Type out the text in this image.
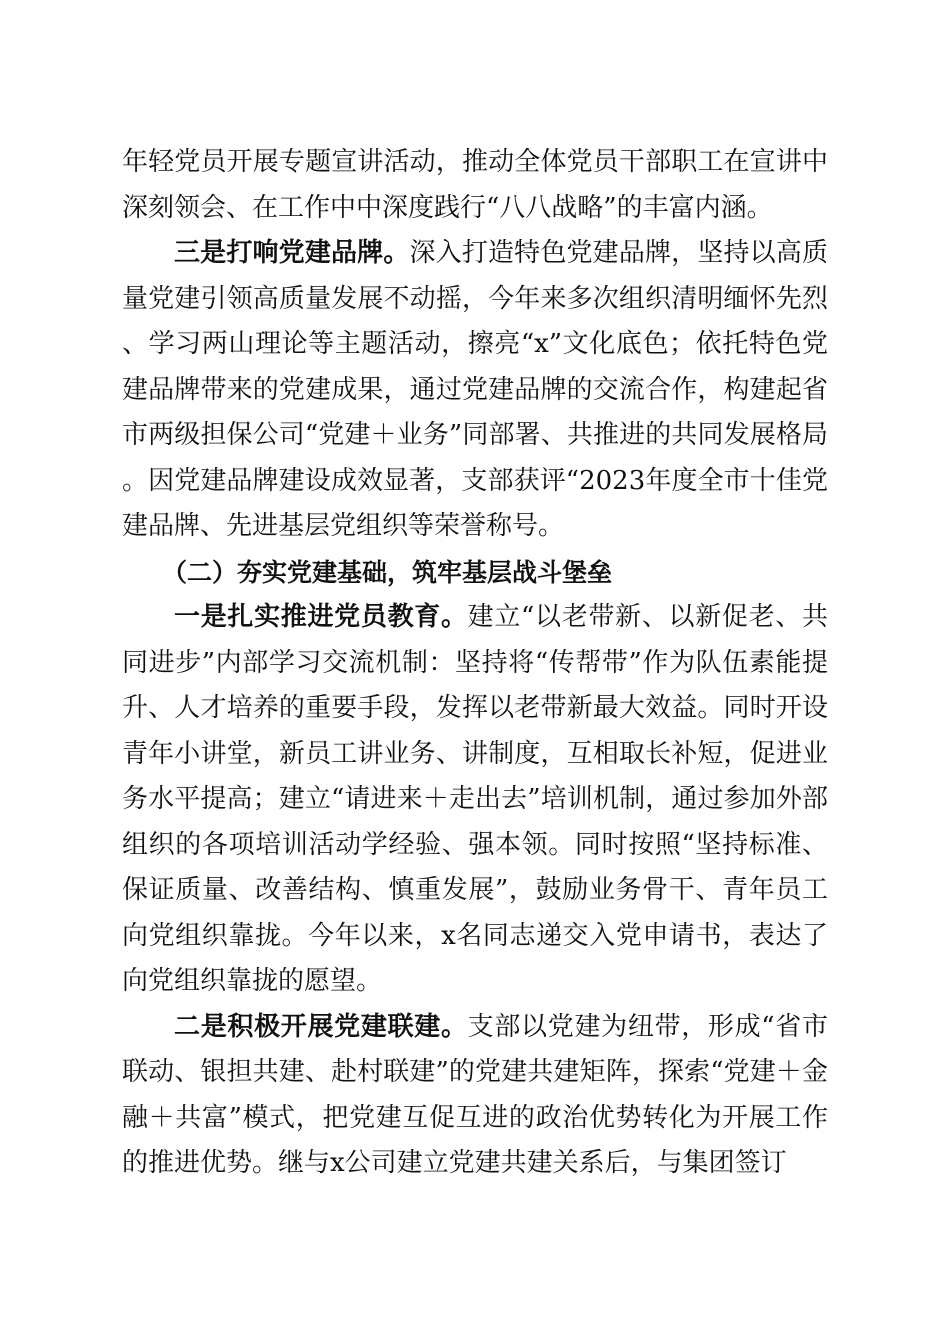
年轻党员开展专题宣讲活动，推动全体党员干部职工在宣讲中深刻领会、在工作中中深度践行“八八战略”的丰富内涵。

三是打响党建品牌。深入打造特色党建品牌，坚持以高质量党建引领高质量发展不动摇，今年来多次组织清明缅怀先烈、学习两山理论等主题活动，擦亮“x”文化底色；依托特色党建品牌带来的党建成果，通过党建品牌的交流合作，构建起省市两级担保公司“党建＋业务”同部署、共推进的共同发展格局。因党建品牌建设成效显著，支部获评“2023年度全市十佳党建品牌、先进基层党组织等荣誉称号。

（二）夯实党建基础，筑牢基层战斗堡垒

一是扎实推进党员教育。建立“以老带新、以新促老、共同进步”内部学习交流机制：坚持将“传帮带”作为队伍素能提升、人才培养的重要手段，发挥以老带新最大效益。同时开设青年小讲堂，新员工讲业务、讲制度，互相取长补短，促进业务水平提高；建立“请进来＋走出去”培训机制，通过参加外部组织的各项培训活动学经验、强本领。同时按照“坚持标准、保证质量、改善结构、慎重发展”，鼓励业务骨干、青年员工向党组织靠拢。今年以来，x名同志递交入党申请书，表达了向党组织靠拢的愿望。

二是积极开展党建联建。支部以党建为纽带，形成“省市联动、银担共建、赴村联建”的党建共建矩阵，探索“党建＋金融＋共富”模式，把党建互促互进的政治优势转化为开展工作的推进优势。继与x公司建立党建共建关系后，与集团签订
